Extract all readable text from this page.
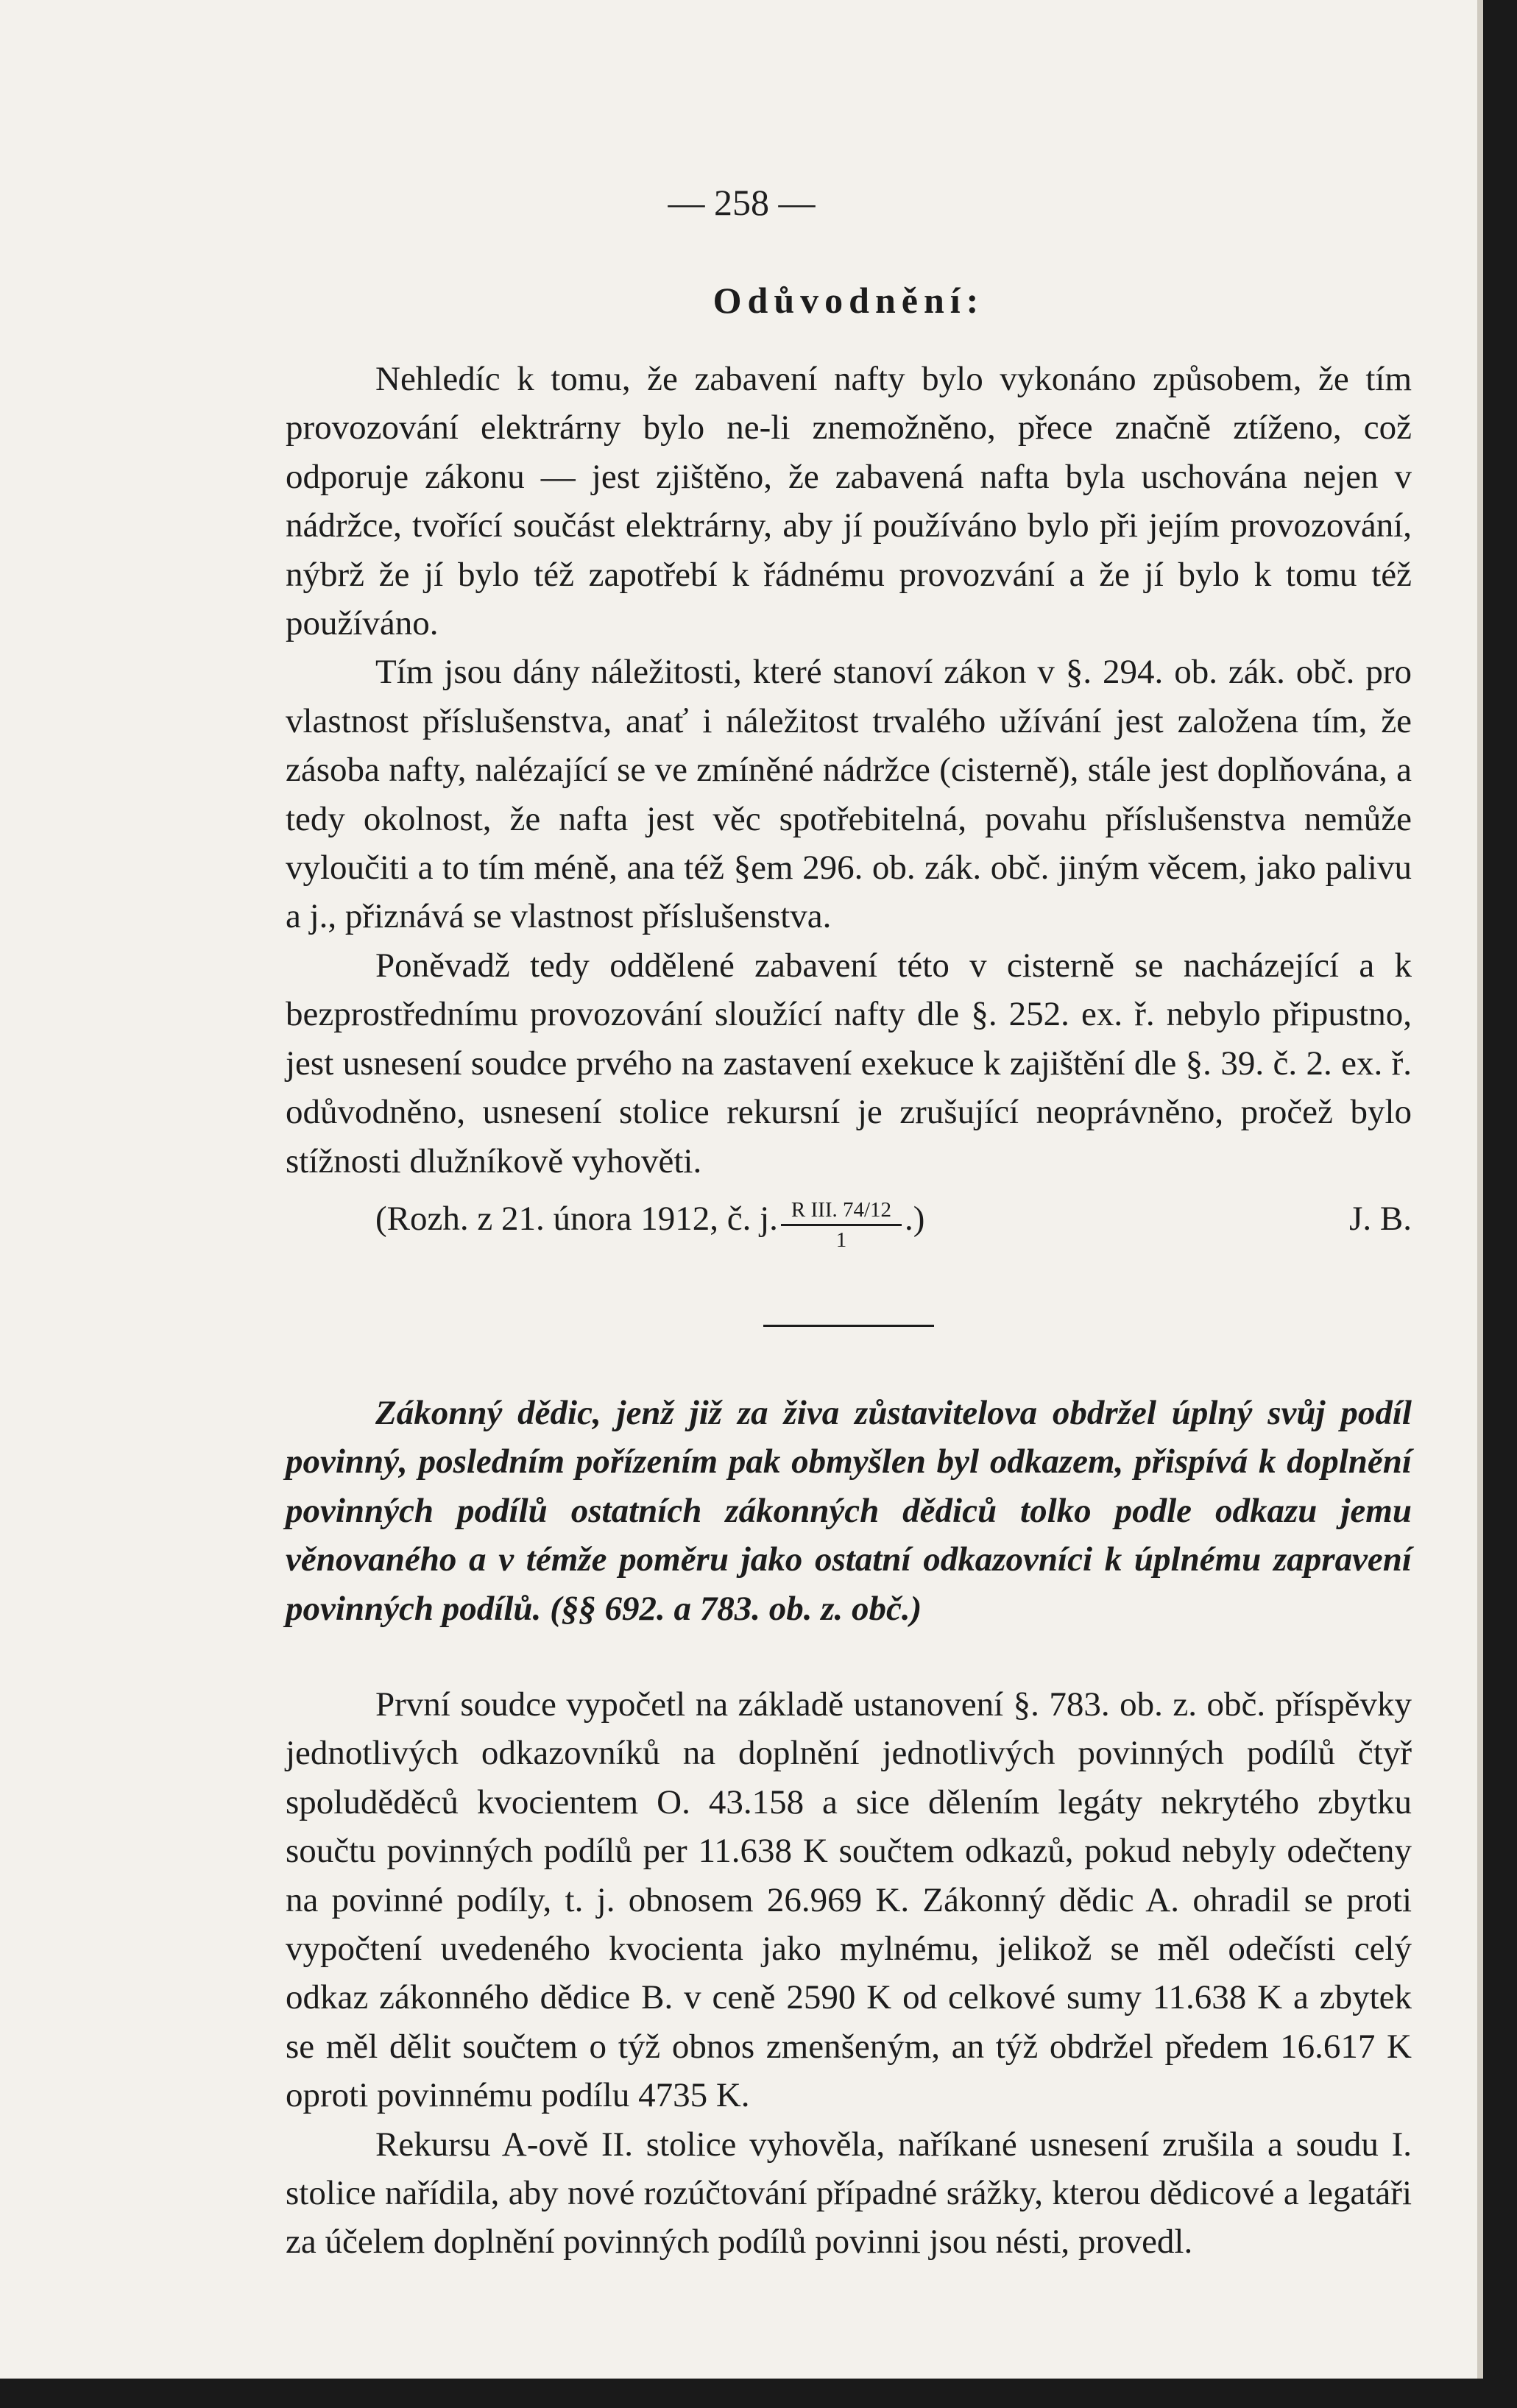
— 258 —
Odůvodnění:

Nehledíc k tomu, že zabavení nafty bylo vykonáno způsobem, že tím provozování elektrárny bylo ne-li znemožněno, přece značně ztíženo, což odporuje zákonu — jest zjištěno, že zabavená nafta byla uschována nejen v nádržce, tvořící součást elektrárny, aby jí používáno bylo při jejím provozování, nýbrž že jí bylo též zapotřebí k řádnému provozvání a že jí bylo k tomu též používáno.

Tím jsou dány náležitosti, které stanoví zákon v §. 294. ob. zák. obč. pro vlastnost příslušenstva, anať i náležitost trvalého užívání jest založena tím, že zásoba nafty, nalézající se ve zmíněné nádržce (cisterně), stále jest doplňována, a tedy okolnost, že nafta jest věc spotřebitelná, povahu příslušenstva nemůže vyloučiti a to tím méně, ana též §em 296. ob. zák. obč. jiným věcem, jako palivu a j., přiznává se vlastnost příslušenstva.

Poněvadž tedy oddělené zabavení této v cisterně se nacházející a k bezprostřednímu provozování sloužící nafty dle §. 252. ex. ř. nebylo připustno, jest usnesení soudce prvého na zastavení exekuce k zajištění dle §. 39. č. 2. ex. ř. odůvodněno, usnesení stolice rekursní je zrušující neoprávněno, pročež bylo stížnosti dlužníkově vyhověti.

(Rozh. z 21. února 1912, č. j. $\frac{\text{R III. 74/12}}{1}$ .)	J. B.

Zákonný dědic, jenž již za živa zůstavitelova obdržel úplný svůj podíl povinný, posledním pořízením pak obmyšlen byl odkazem, přispívá k doplnění povinných podílů ostatních zákonných dědiců tolko podle odkazu jemu věnovaného a v témže poměru jako ostatní odkazovníci k úplnému zapravení povinných podílů. (§§ 692. a 783. ob. z. obč.)

První soudce vypočetl na základě ustanovení §. 783. ob. z. obč. příspěvky jednotlivých odkazovníků na doplnění jednotlivých povinných podílů čtyř spoluděděců kvocientem O. 43.158 a sice dělením legáty nekrytého zbytku součtu povinných podílů per 11.638 K součtem odkazů, pokud nebyly odečteny na povinné podíly, t. j. obnosem 26.969 K. Zákonný dědic A. ohradil se proti vypočtení uvedeného kvocienta jako mylnému, jelikož se měl odečísti celý odkaz zákonného dědice B. v ceně 2590 K od celkové sumy 11.638 K a zbytek se měl dělit součtem o týž obnos zmenšeným, an týž obdržel předem 16.617 K oproti povinnému podílu 4735 K.

Rekursu A-ově II. stolice vyhověla, naříkané usnesení zrušila a soudu I. stolice nařídila, aby nové rozúčtování případné srážky, kterou dědicové a legatáři za účelem doplnění povinných podílů povinni jsou nésti, provedl.
